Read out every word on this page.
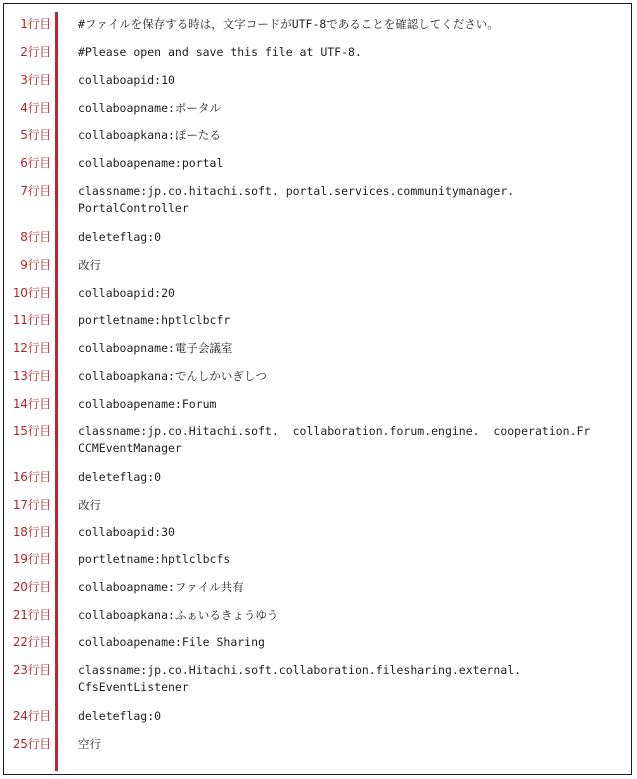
1行目 #ファイルを保存する時は，文字コードがUTF-8であることを確認してください。
2行目 #Please open and save this file at UTF-8.
3行目 collaboapid:10
4行目 collaboapname:ポータル
5行目 collaboapkana:ぽーたる
6行目 collaboapename:portal
7行目 classname:jp.co.hitachi.soft. portal.services.communitymanager.
PortalController
8行目 deleteflag:0
9行目 改行
10行目 collaboapid:20
11行目 portletname:hptlclbcfr
12行目 collaboapname:電子会議室
13行目 collaboapkana:でんしかいぎしつ
14行目 collaboapename:Forum
15行目 classname:jp.co.Hitachi.soft.  collaboration.forum.engine.  cooperation.Fr
CCMEventManager
16行目 deleteflag:0
17行目 改行
18行目 collaboapid:30
19行目 portletname:hptlclbcfs
20行目 collaboapname:ファイル共有
21行目 collaboapkana:ふぁいるきょうゆう
22行目 collaboapename:File Sharing
23行目 classname:jp.co.Hitachi.soft.collaboration.filesharing.external.
CfsEventListener
24行目 deleteflag:0
25行目 空行
